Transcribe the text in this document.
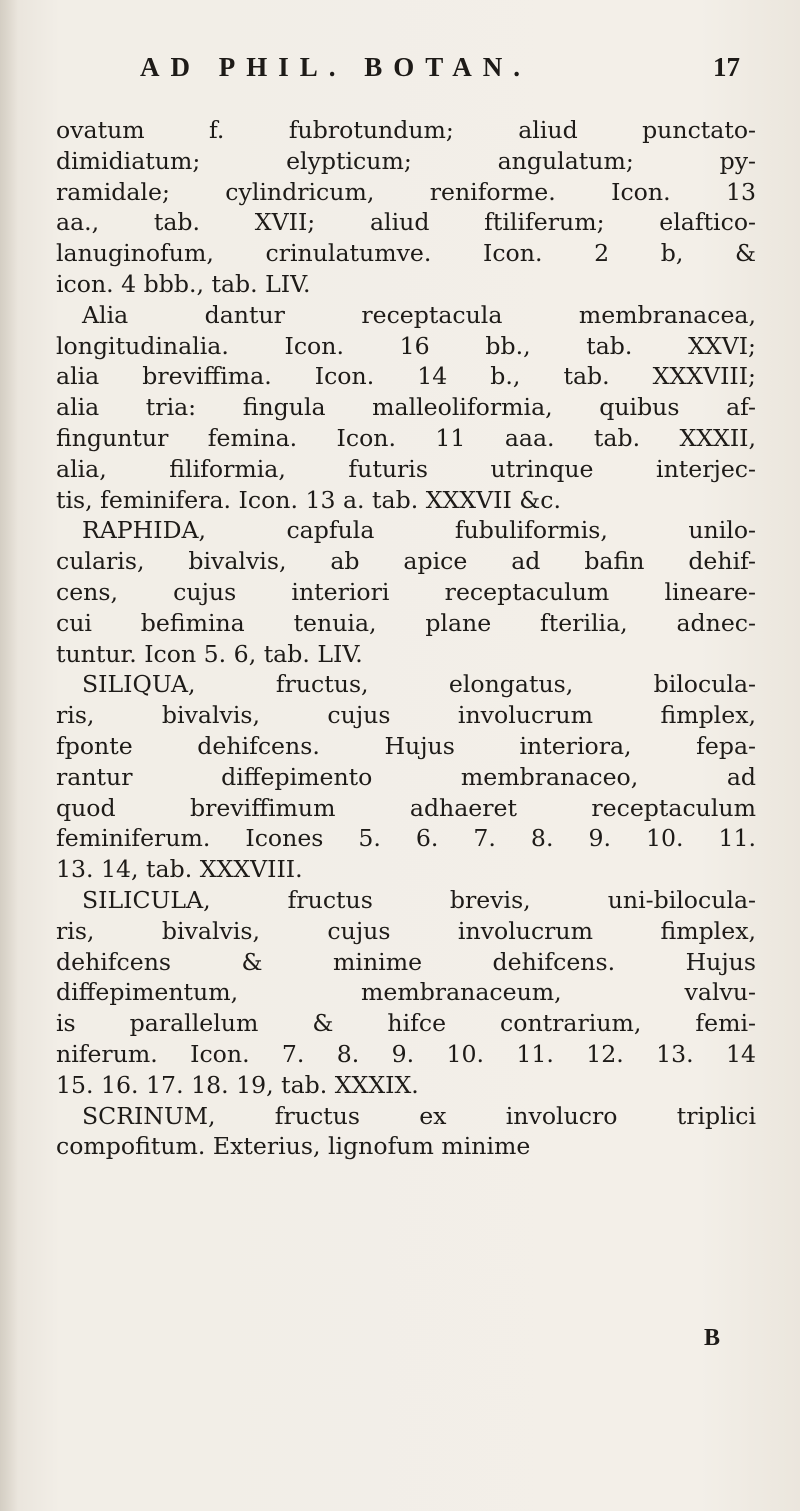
AD PHIL. BOTAN.	17
ovatum f. fubrotundum; aliud punctato-
dimidiatum; elypticum; angulatum; py-
ramidale; cylindricum, reniforme. Icon. 13
aa., tab. XVII; aliud ftiliferum; elaftico-
lanuginofum, crinulatumve. Icon. 2 b, &
icon. 4 bbb., tab. LIV.
Alia dantur receptacula membranacea,
longitudinalia. Icon. 16 bb., tab. XXVI;
alia breviffima. Icon. 14 b., tab. XXXVIII;
alia tria: fingula malleoliformia, quibus af-
finguntur femina. Icon. 11 aaa. tab. XXXII,
alia, filiformia, futuris utrinque interjec-
tis, feminifera. Icon. 13 a. tab. XXXVII &c.
RAPHIDA, capfula fubuliformis, unilo-
cularis, bivalvis, ab apice ad bafin dehif-
cens, cujus interiori receptaculum lineare-
cui befimina tenuia, plane fterilia, adnec-
tuntur. Icon 5. 6, tab. LIV.
SILIQUA, fructus, elongatus, bilocula-
ris, bivalvis, cujus involucrum fimplex,
fponte dehifcens. Hujus interiora, fepa-
rantur diffepimento membranaceo, ad
quod breviffimum adhaeret receptaculum
feminiferum. Icones 5. 6. 7. 8. 9. 10. 11.
13. 14, tab. XXXVIII.
SILICULA, fructus brevis, uni-bilocula-
ris, bivalvis, cujus involucrum fimplex,
dehifcens & minime dehifcens. Hujus
diffepimentum, membranaceum, valvu-
is parallelum & hifce contrarium, femi-
niferum. Icon. 7. 8. 9. 10. 11. 12. 13. 14
15. 16. 17. 18. 19, tab. XXXIX.
SCRINUM, fructus ex involucro triplici
compofitum. Exterius, lignofum minime
B
